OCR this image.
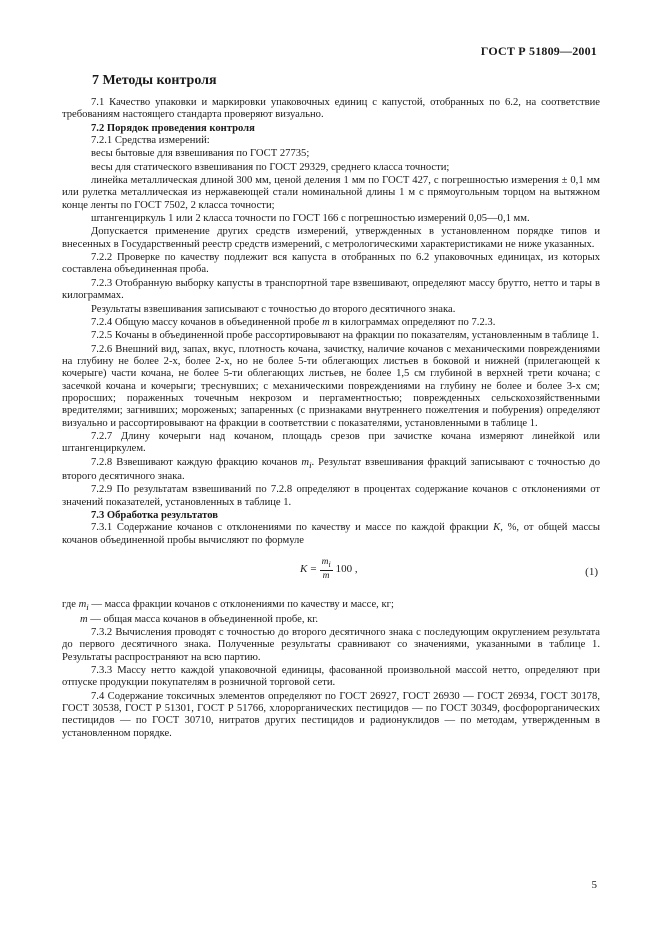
ГОСТ Р 51809—2001
7 Методы контроля

7.1 Качество упаковки и маркировки упаковочных единиц с капустой, отобранных по 6.2, на соответствие требованиям настоящего стандарта проверяют визуально.

7.2 Порядок проведения контроля

7.2.1 Средства измерений:

весы бытовые для взвешивания по ГОСТ 27735;

весы для статического взвешивания по ГОСТ 29329, среднего класса точности;

линейка металлическая длиной 300 мм, ценой деления 1 мм по ГОСТ 427, с погрешностью измерения ± 0,1 мм или рулетка металлическая из нержавеющей стали номинальной длины 1 м с прямоугольным торцом на вытяжном конце ленты по ГОСТ 7502, 2 класса точности;

штангенциркуль 1 или 2 класса точности по ГОСТ 166 с погрешностью измерений 0,05—0,1 мм.

Допускается применение других средств измерений, утвержденных в установленном порядке типов и внесенных в Государственный реестр средств измерений, с метрологическими характеристиками не ниже указанных.

7.2.2 Проверке по качеству подлежит вся капуста в отобранных по 6.2 упаковочных единицах, из которых составлена объединенная проба.

7.2.3 Отобранную выборку капусты в транспортной таре взвешивают, определяют массу брутто, нетто и тары в килограммах.

Результаты взвешивания записывают с точностью до второго десятичного знака.

7.2.4 Общую массу кочанов в объединенной пробе m в килограммах определяют по 7.2.3.

7.2.5 Кочаны в объединенной пробе рассортировывают на фракции по показателям, установленным в таблице 1.

7.2.6 Внешний вид, запах, вкус, плотность кочана, зачистку, наличие кочанов с механическими повреждениями на глубину не более 2-х, более 2-х, но не более 5-ти облегающих листьев в боковой и нижней (прилегающей к кочерыге) части кочана, не более 5-ти облегающих листьев, не более 1,5 см глубиной в верхней трети кочана; с засечкой кочана и кочерыги; треснувших; с механическими повреждениями на глубину не более и более 3-х см; проросших; пораженных точечным некрозом и пергаментностью; поврежденных сельскохозяйственными вредителями; загнивших; мороженых; запаренных (с признаками внутреннего пожелтения и побурения) определяют визуально и рассортировывают на фракции в соответствии с показателями, установленными в таблице 1.

7.2.7 Длину кочерыги над кочаном, площадь срезов при зачистке кочана измеряют линейкой или штангенциркулем.

7.2.8 Взвешивают каждую фракцию кочанов $m_i$. Результат взвешивания фракций записывают с точностью до второго десятичного знака.

7.2.9 По результатам взвешиваний по 7.2.8 определяют в процентах содержание кочанов с отклонениями от значений показателей, установленных в таблице 1.

7.3 Обработка результатов

7.3.1 Содержание кочанов с отклонениями по качеству и массе по каждой фракции K, %, от общей массы кочанов объединенной пробы вычисляют по формуле

$K = \frac{m_i}{m} 100$ ,	(1)

где $m_i$ — масса фракции кочанов с отклонениями по качеству и массе, кг;

m — общая масса кочанов в объединенной пробе, кг.

7.3.2 Вычисления проводят с точностью до второго десятичного знака с последующим округлением результата до первого десятичного знака. Полученные результаты сравнивают со значениями, указанными в таблице 1. Результаты распространяют на всю партию.

7.3.3 Массу нетто каждой упаковочной единицы, фасованной произвольной массой нетто, определяют при отпуске продукции покупателям в розничной торговой сети.

7.4 Содержание токсичных элементов определяют по ГОСТ 26927, ГОСТ 26930 — ГОСТ 26934, ГОСТ 30178, ГОСТ 30538, ГОСТ Р 51301, ГОСТ Р 51766, хлорорганических пестицидов — по ГОСТ 30349, фосфорорганических пестицидов — по ГОСТ 30710, нитратов других пестицидов и радионуклидов — по методам, утвержденным в установленном порядке.

5
